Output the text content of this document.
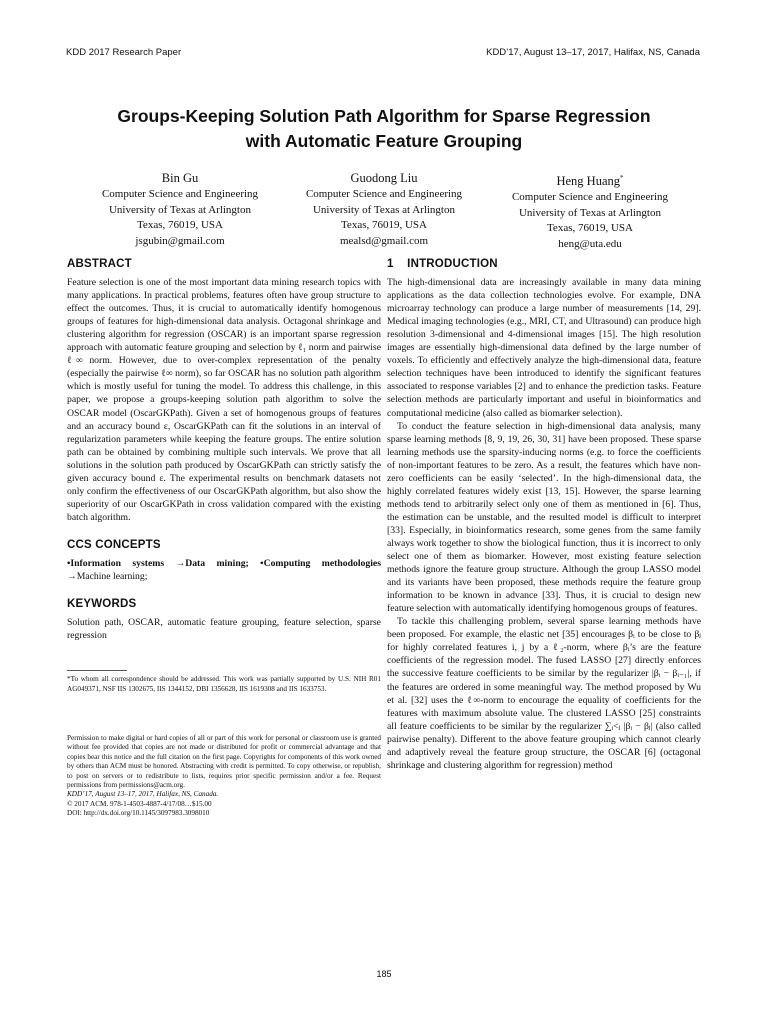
KDD 2017 Research Paper	KDD’17, August 13–17, 2017, Halifax, NS, Canada
Groups-Keeping Solution Path Algorithm for Sparse Regression
with Automatic Feature Grouping
Bin Gu
Computer Science and Engineering
University of Texas at Arlington
Texas, 76019, USA
jsgubin@gmail.com
Guodong Liu
Computer Science and Engineering
University of Texas at Arlington
Texas, 76019, USA
mealsd@gmail.com
Heng Huang*
Computer Science and Engineering
University of Texas at Arlington
Texas, 76019, USA
heng@uta.edu
ABSTRACT

Feature selection is one of the most important data mining research topics with many applications. In practical problems, features often have group structure to effect the outcomes. Thus, it is crucial to automatically identify homogenous groups of features for high-dimensional data analysis. Octagonal shrinkage and clustering algorithm for regression (OSCAR) is an important sparse regression approach with automatic feature grouping and selection by ℓ₁ norm and pairwise ℓ∞ norm. However, due to over-complex representation of the penalty (especially the pairwise ℓ∞ norm), so far OSCAR has no solution path algorithm which is mostly useful for tuning the model. To address this challenge, in this paper, we propose a groups-keeping solution path algorithm to solve the OSCAR model (OscarGKPath). Given a set of homogenous groups of features and an accuracy bound ε, OscarGKPath can fit the solutions in an interval of regularization parameters while keeping the feature groups. The entire solution path can be obtained by combining multiple such intervals. We prove that all solutions in the solution path produced by OscarGKPath can strictly satisfy the given accuracy bound ε. The experimental results on benchmark datasets not only confirm the effectiveness of our OscarGKPath algorithm, but also show the superiority of our OscarGKPath in cross validation compared with the existing batch algorithm.

CCS CONCEPTS

•Information systems →Data mining; •Computing methodologies →Machine learning;

KEYWORDS

Solution path, OSCAR, automatic feature grouping, feature selection, sparse regression

*To whom all correspondence should be addressed. This work was partially supported by U.S. NIH R01 AG049371, NSF IIS 1302675, IIS 1344152, DBI 1356628, IIS 1619308 and IIS 1633753.

Permission to make digital or hard copies of all or part of this work for personal or classroom use is granted without fee provided that copies are not made or distributed for profit or commercial advantage and that copies bear this notice and the full citation on the first page. Copyrights for components of this work owned by others than ACM must be honored. Abstracting with credit is permitted. To copy otherwise, or republish, to post on servers or to redistribute to lists, requires prior specific permission and/or a fee. Request permissions from permissions@acm.org.

KDD’17, August 13–17, 2017, Halifax, NS, Canada.

© 2017 ACM. 978-1-4503-4887-4/17/08…$15.00

DOI: http://dx.doi.org/10.1145/3097983.3098010

1    INTRODUCTION

The high-dimensional data are increasingly available in many data mining applications as the data collection technologies evolve. For example, DNA microarray technology can produce a large number of measurements [14, 29]. Medical imaging technologies (e.g., MRI, CT, and Ultrasound) can produce high resolution 3-dimensional and 4-dimensional images [15]. The high resolution images are essentially high-dimensional data defined by the large number of voxels. To efficiently and effectively analyze the high-dimensional data, feature selection techniques have been introduced to identify the significant features associated to response variables [2] and to enhance the prediction tasks. Feature selection methods are particularly important and useful in bioinformatics and computational medicine (also called as biomarker selection).

To conduct the feature selection in high-dimensional data analysis, many sparse learning methods [8, 9, 19, 26, 30, 31] have been proposed. These sparse learning methods use the sparsity-inducing norms (e.g. to force the coefficients of non-important features to be zero. As a result, the features which have non-zero coefficients can be easily ‘selected’. In the high-dimensional data, the highly correlated features widely exist [13, 15]. However, the sparse learning methods tend to arbitrarily select only one of them as mentioned in [6]. Thus, the estimation can be unstable, and the resulted model is difficult to interpret [33]. Especially, in bioinformatics research, some genes from the same family always work together to show the biological function, thus it is incorrect to only select one of them as biomarker. However, most existing feature selection methods ignore the feature group structure. Although the group LASSO model and its variants have been proposed, these methods require the feature group information to be known in advance [33]. Thus, it is crucial to design new feature selection with automatically identifying homogenous groups of features.

To tackle this challenging problem, several sparse learning methods have been proposed. For example, the elastic net [35] encourages βᵢ to be close to βⱼ for highly correlated features i, j by a ℓ₂-norm, where βᵢ’s are the feature coefficients of the regression model. The fused LASSO [27] directly enforces the successive feature coefficients to be similar by the regularizer |βᵢ − βᵢ₋₁|, if the features are ordered in some meaningful way. The method proposed by Wu et al. [32] uses the ℓ∞-norm to encourage the equality of coefficients for the features with maximum absolute value. The clustered LASSO [25] constraints all feature coefficients to be similar by the regularizer ∑ᵢ<ⱼ |βᵢ − βⱼ| (also called pairwise penalty). Different to the above feature grouping which cannot clearly and adaptively reveal the feature group structure, the OSCAR [6] (octagonal shrinkage and clustering algorithm for regression) method

185
